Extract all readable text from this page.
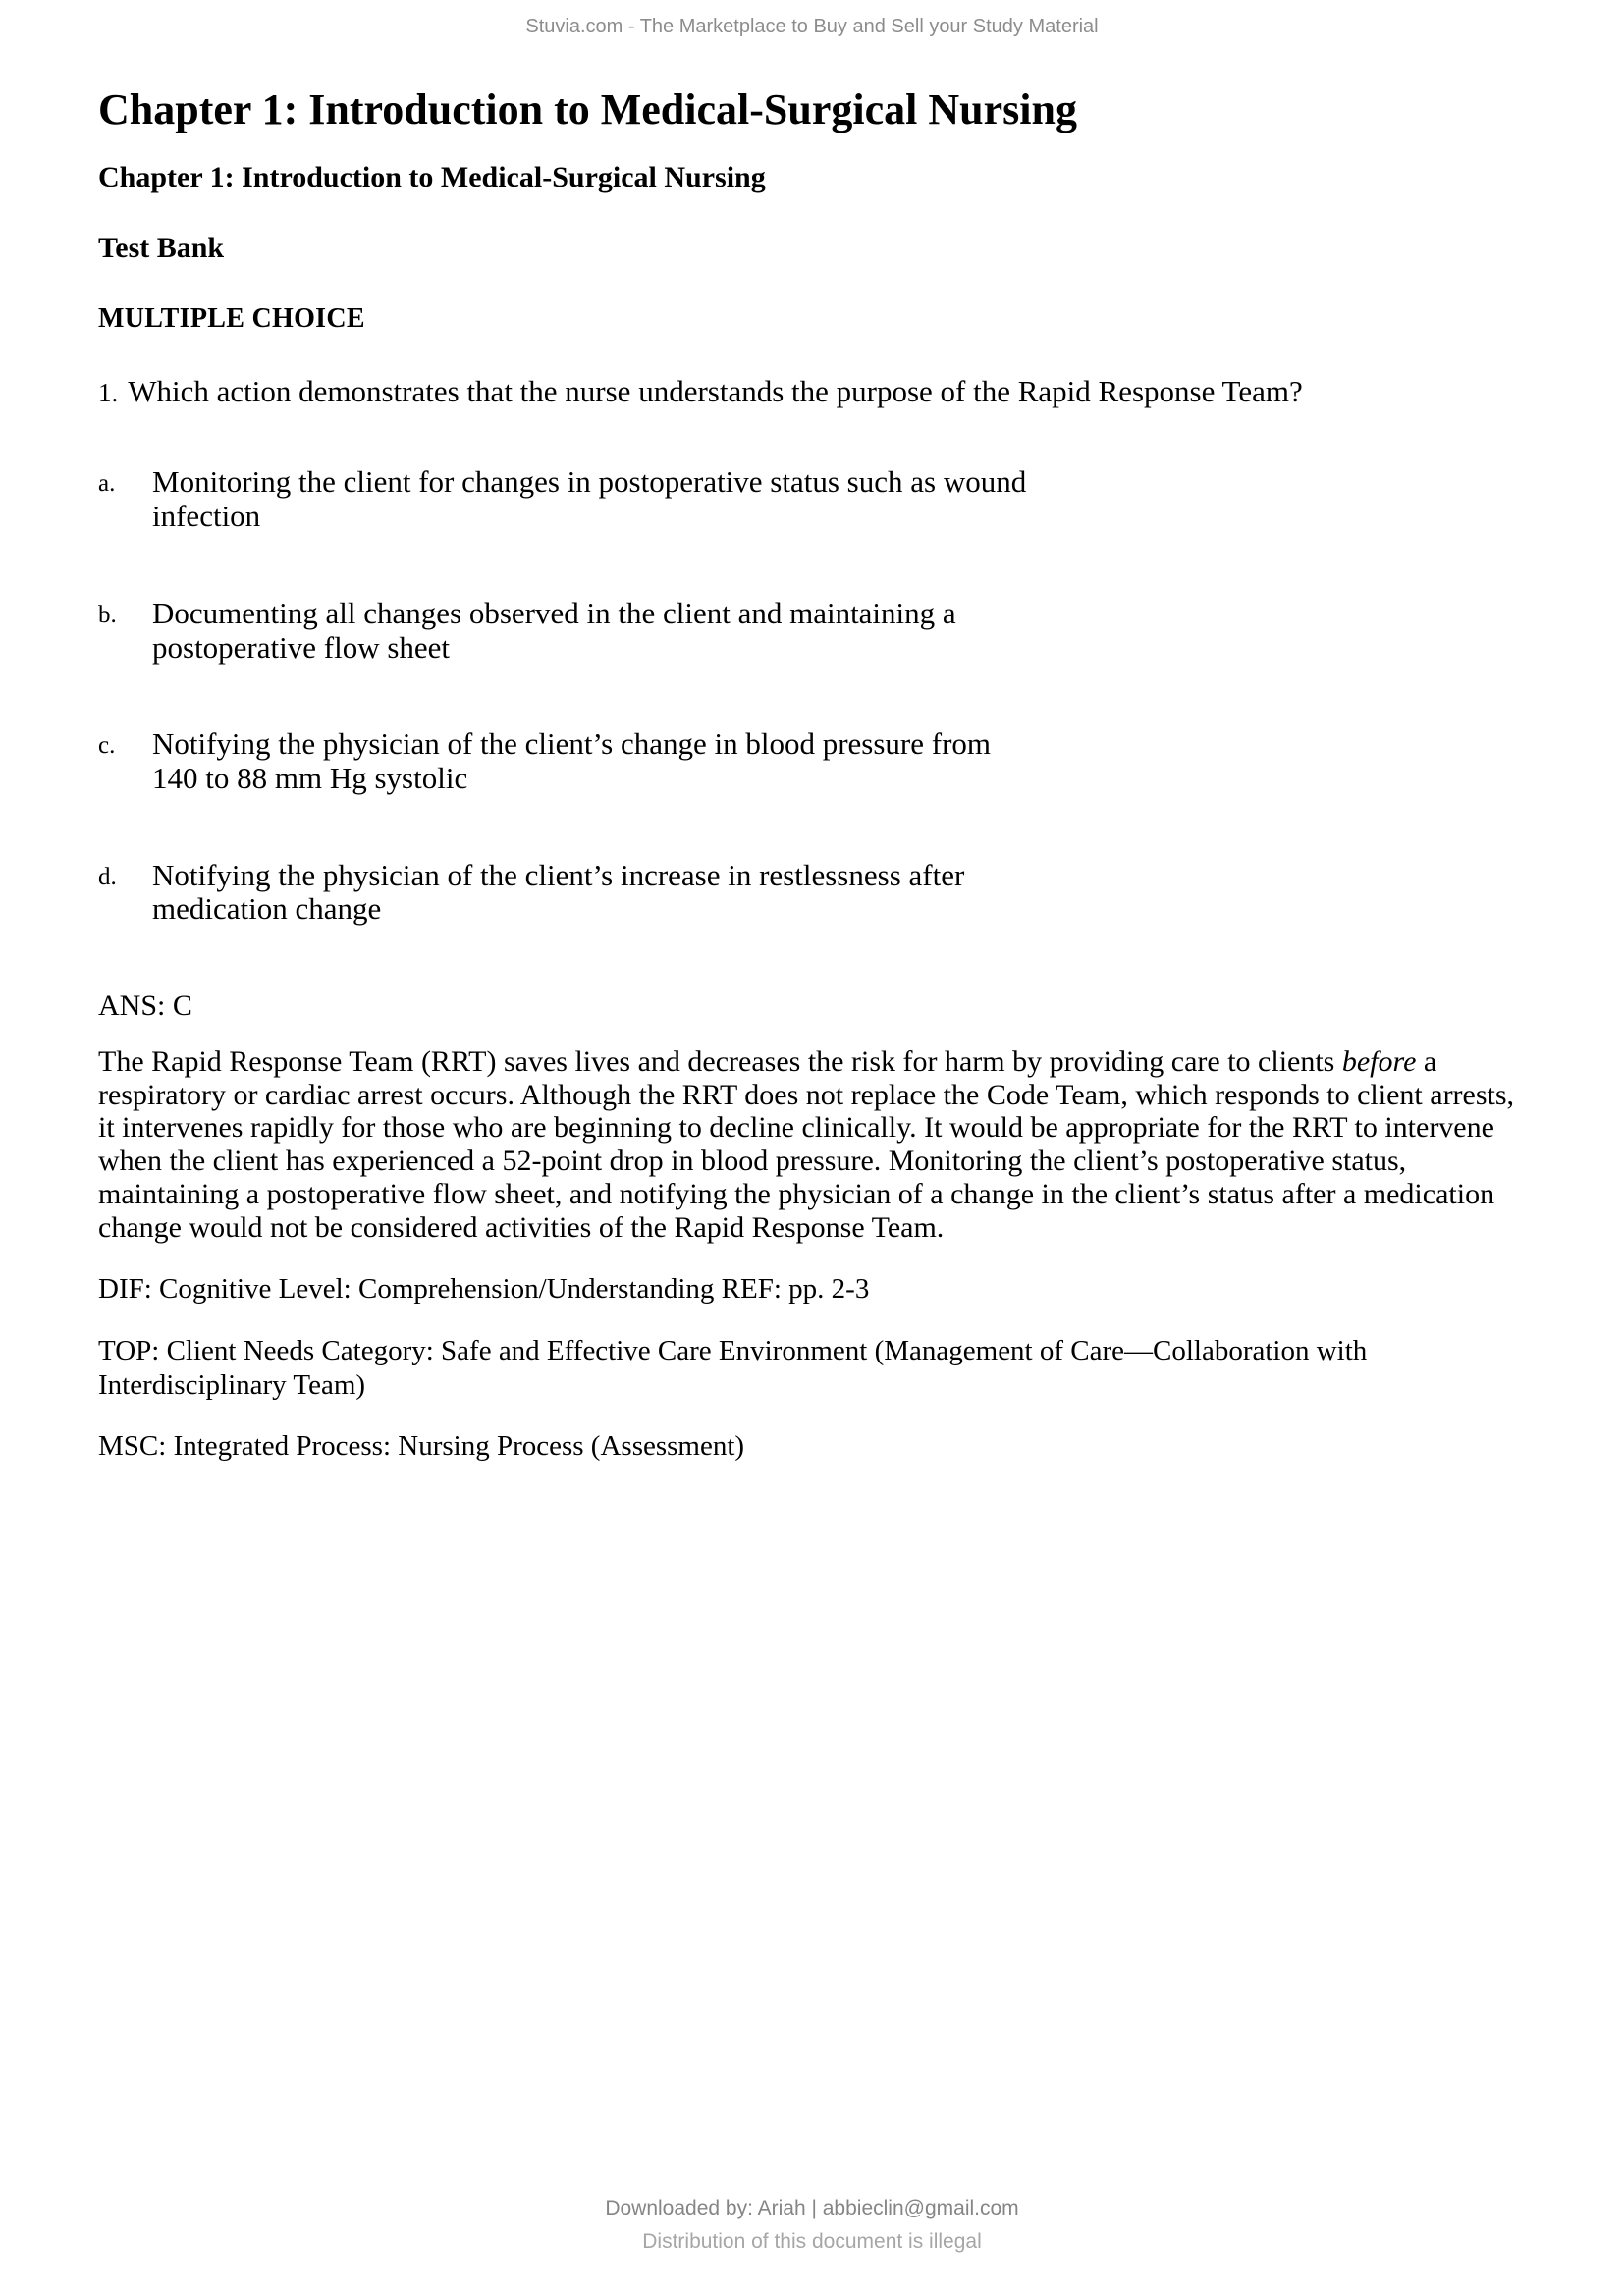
Stuvia.com - The Marketplace to Buy and Sell your Study Material
Chapter 1: Introduction to Medical-Surgical Nursing
Chapter 1: Introduction to Medical-Surgical Nursing
Test Bank
MULTIPLE CHOICE

1. Which action demonstrates that the nurse understands the purpose of the Rapid Response Team?

a.	Monitoring the client for changes in postoperative status such as wound
infection
b.	Documenting all changes observed in the client and maintaining a
postoperative flow sheet
c.	Notifying the physician of the client’s change in blood pressure from
140 to 88 mm Hg systolic
d.	Notifying the physician of the client’s increase in restlessness after
medication change

ANS: C

The Rapid Response Team (RRT) saves lives and decreases the risk for harm by providing care to clients before a respiratory or cardiac arrest occurs. Although the RRT does not replace the Code Team, which responds to client arrests, it intervenes rapidly for those who are beginning to decline clinically. It would be appropriate for the RRT to intervene when the client has experienced a 52-point drop in blood pressure. Monitoring the client’s postoperative status, maintaining a postoperative flow sheet, and notifying the physician of a change in the client’s status after a medication change would not be considered activities of the Rapid Response Team.

DIF: Cognitive Level: Comprehension/Understanding REF: pp. 2-3

TOP: Client Needs Category: Safe and Effective Care Environment (Management of Care—Collaboration with Interdisciplinary Team)

MSC: Integrated Process: Nursing Process (Assessment)

Downloaded by: Ariah | abbieclin@gmail.com
Distribution of this document is illegal
